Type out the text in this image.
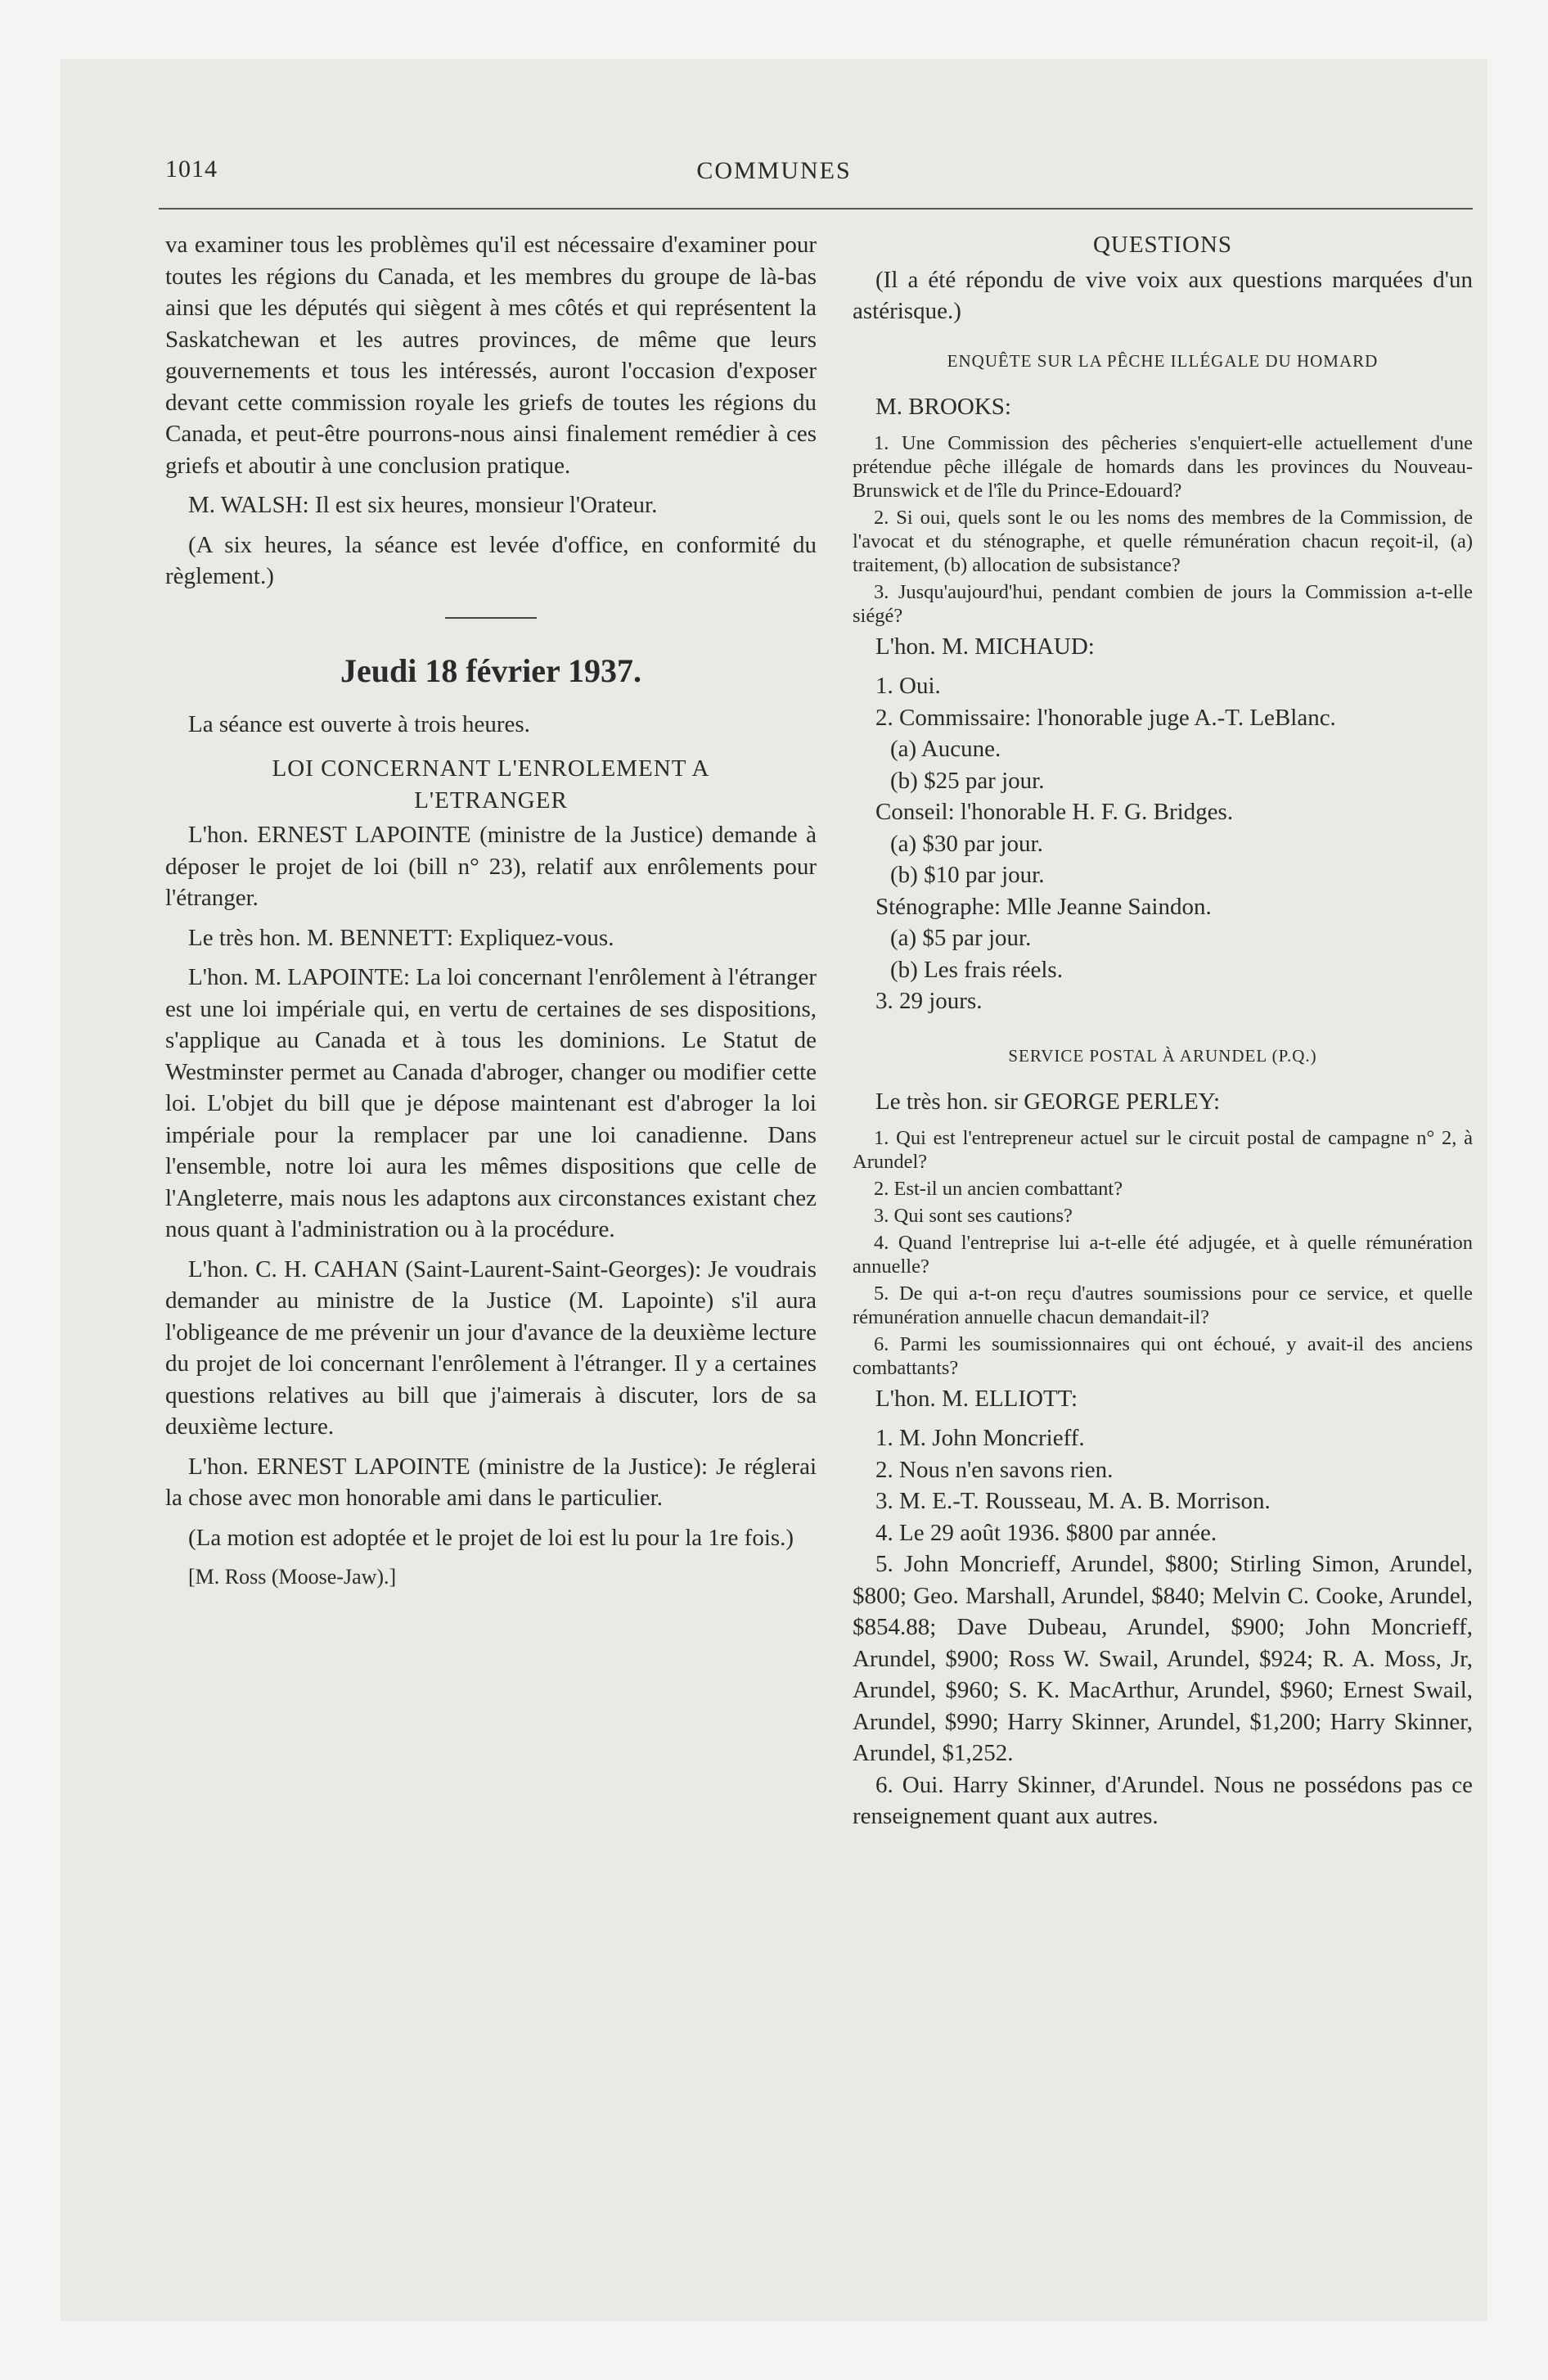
1014	COMMUNES

va examiner tous les problèmes qu'il est nécessaire d'examiner pour toutes les régions du Canada, et les membres du groupe de là-bas ainsi que les députés qui siègent à mes côtés et qui représentent la Saskatchewan et les autres provinces, de même que leurs gouvernements et tous les intéressés, auront l'occasion d'exposer devant cette commission royale les griefs de toutes les régions du Canada, et peut-être pourrons-nous ainsi finalement remédier à ces griefs et aboutir à une conclusion pratique.

M. WALSH: Il est six heures, monsieur l'Orateur.

(A six heures, la séance est levée d'office, en conformité du règlement.)

Jeudi 18 février 1937.

La séance est ouverte à trois heures.

LOI CONCERNANT L'ENROLEMENT A L'ETRANGER

L'hon. ERNEST LAPOINTE (ministre de la Justice) demande à déposer le projet de loi (bill n° 23), relatif aux enrôlements pour l'étranger.

Le très hon. M. BENNETT: Expliquez-vous.

L'hon. M. LAPOINTE: La loi concernant l'enrôlement à l'étranger est une loi impériale qui, en vertu de certaines de ses dispositions, s'applique au Canada et à tous les dominions. Le Statut de Westminster permet au Canada d'abroger, changer ou modifier cette loi. L'objet du bill que je dépose maintenant est d'abroger la loi impériale pour la remplacer par une loi canadienne. Dans l'ensemble, notre loi aura les mêmes dispositions que celle de l'Angleterre, mais nous les adaptons aux circonstances existant chez nous quant à l'administration ou à la procédure.

L'hon. C. H. CAHAN (Saint-Laurent-Saint-Georges): Je voudrais demander au ministre de la Justice (M. Lapointe) s'il aura l'obligeance de me prévenir un jour d'avance de la deuxième lecture du projet de loi concernant l'enrôlement à l'étranger. Il y a certaines questions relatives au bill que j'aimerais à discuter, lors de sa deuxième lecture.

L'hon. ERNEST LAPOINTE (ministre de la Justice): Je réglerai la chose avec mon honorable ami dans le particulier.

(La motion est adoptée et le projet de loi est lu pour la 1re fois.)

[M. Ross (Moose-Jaw).]

QUESTIONS

(Il a été répondu de vive voix aux questions marquées d'un astérisque.)

ENQUÊTE SUR LA PÊCHE ILLÉGALE DU HOMARD

M. BROOKS:

1. Une Commission des pêcheries s'enquiert-elle actuellement d'une prétendue pêche illégale de homards dans les provinces du Nouveau-Brunswick et de l'île du Prince-Edouard?

2. Si oui, quels sont le ou les noms des membres de la Commission, de l'avocat et du sténographe, et quelle rémunération chacun reçoit-il, (a) traitement, (b) allocation de subsistance?

3. Jusqu'aujourd'hui, pendant combien de jours la Commission a-t-elle siégé?

L'hon. M. MICHAUD:

1. Oui.

2. Commissaire: l'honorable juge A.-T. LeBlanc.

(a) Aucune.

(b) $25 par jour.

Conseil: l'honorable H. F. G. Bridges.

(a) $30 par jour.

(b) $10 par jour.

Sténographe: Mlle Jeanne Saindon.

(a) $5 par jour.

(b) Les frais réels.

3. 29 jours.

SERVICE POSTAL À ARUNDEL (P.Q.)

Le très hon. sir GEORGE PERLEY:

1. Qui est l'entrepreneur actuel sur le circuit postal de campagne n° 2, à Arundel?

2. Est-il un ancien combattant?

3. Qui sont ses cautions?

4. Quand l'entreprise lui a-t-elle été adjugée, et à quelle rémunération annuelle?

5. De qui a-t-on reçu d'autres soumissions pour ce service, et quelle rémunération annuelle chacun demandait-il?

6. Parmi les soumissionnaires qui ont échoué, y avait-il des anciens combattants?

L'hon. M. ELLIOTT:

1. M. John Moncrieff.

2. Nous n'en savons rien.

3. M. E.-T. Rousseau, M. A. B. Morrison.

4. Le 29 août 1936. $800 par année.

5. John Moncrieff, Arundel, $800; Stirling Simon, Arundel, $800; Geo. Marshall, Arundel, $840; Melvin C. Cooke, Arundel, $854.88; Dave Dubeau, Arundel, $900; John Moncrieff, Arundel, $900; Ross W. Swail, Arundel, $924; R. A. Moss, Jr, Arundel, $960; S. K. MacArthur, Arundel, $960; Ernest Swail, Arundel, $990; Harry Skinner, Arundel, $1,200; Harry Skinner, Arundel, $1,252.

6. Oui. Harry Skinner, d'Arundel. Nous ne possédons pas ce renseignement quant aux autres.
